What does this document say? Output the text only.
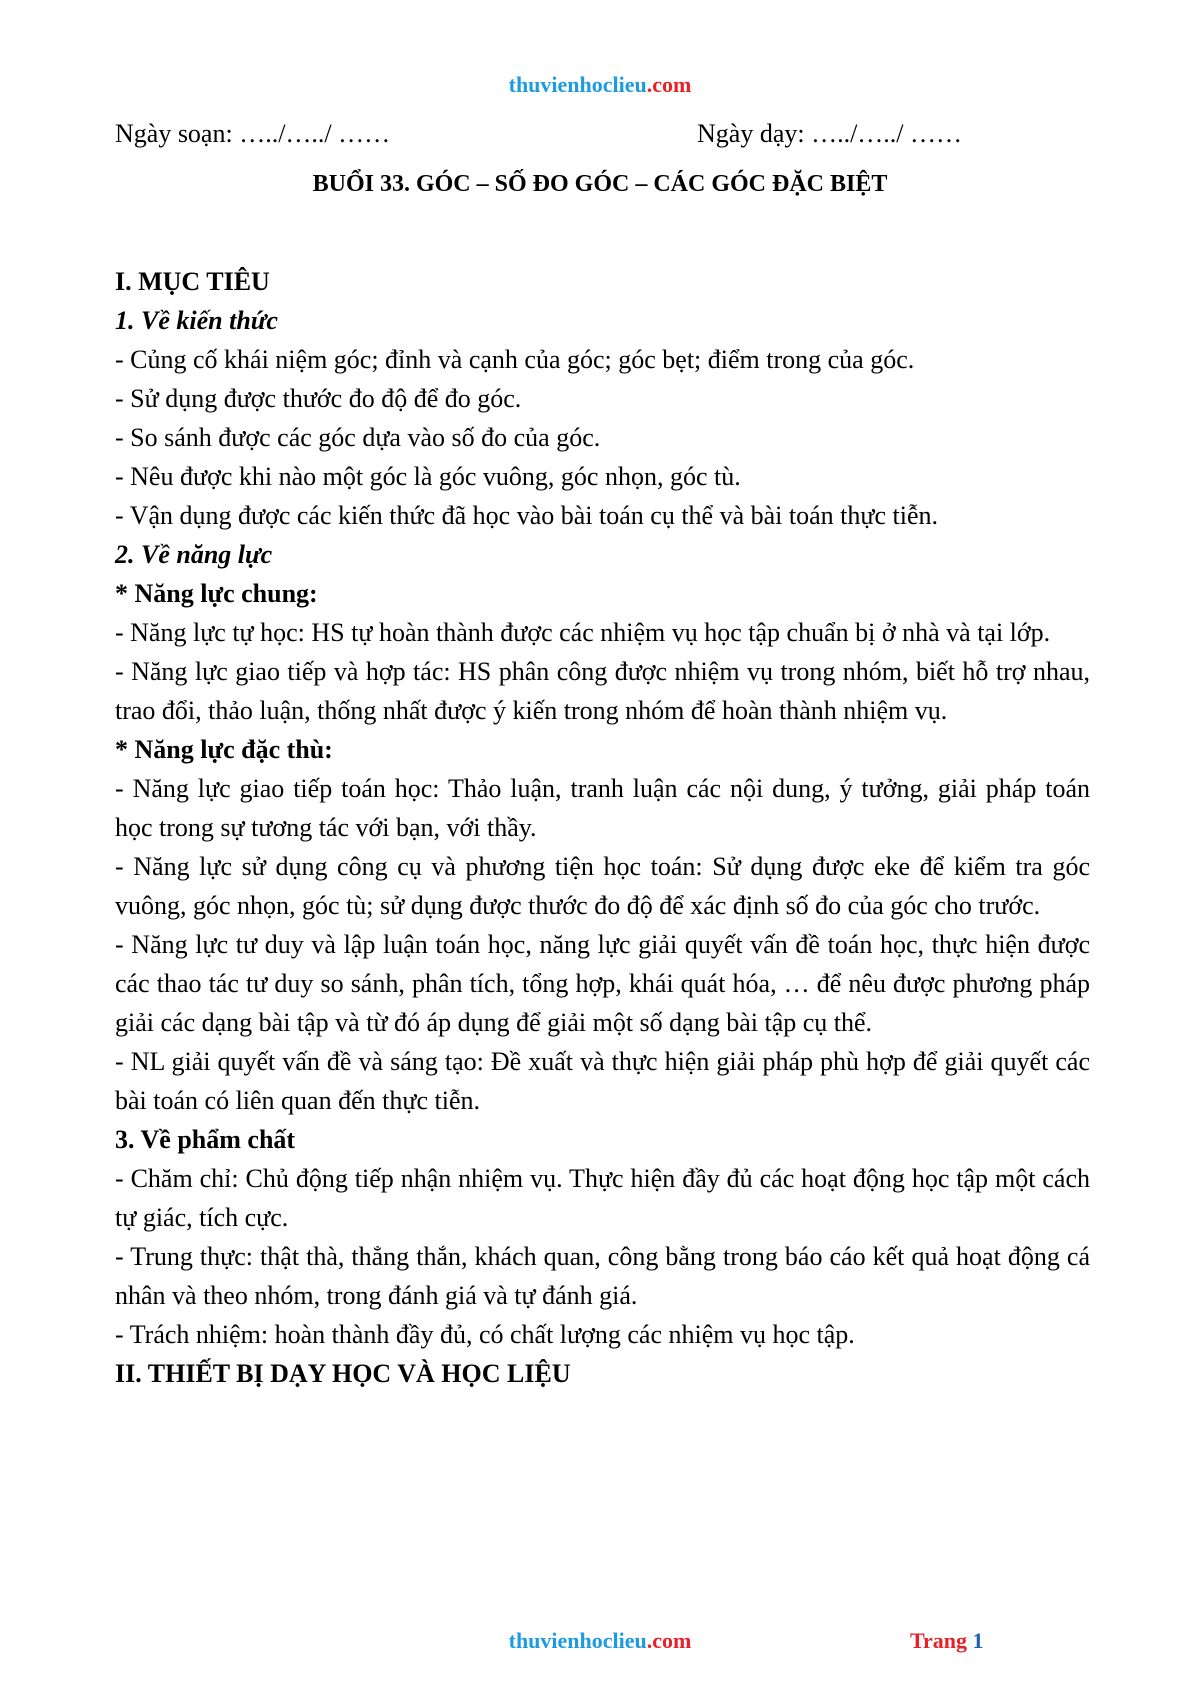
thuvienhoclieu.com
Ngày soạn: …../…../ ……	Ngày dạy: …../…../ ……
BUỔI 33. GÓC – SỐ ĐO GÓC – CÁC GÓC ĐẶC BIỆT

I. MỤC TIÊU

1. Về kiến thức

- Củng cố khái niệm góc; đỉnh và cạnh của góc; góc bẹt; điểm trong của góc.

- Sử dụng được thước đo độ để đo góc.

- So sánh được các góc dựa vào số đo của góc.

- Nêu được khi nào một góc là góc vuông, góc nhọn, góc tù.

- Vận dụng được các kiến thức đã học vào bài toán cụ thể và bài toán thực tiễn.

2. Về năng lực

* Năng lực chung:

- Năng lực tự học: HS tự hoàn thành được các nhiệm vụ học tập chuẩn bị ở nhà và tại lớp.

- Năng lực giao tiếp và hợp tác: HS phân công được nhiệm vụ trong nhóm, biết hỗ trợ nhau, trao đổi, thảo luận, thống nhất được ý kiến trong nhóm để hoàn thành nhiệm vụ.

* Năng lực đặc thù:

- Năng lực giao tiếp toán học: Thảo luận, tranh luận các nội dung, ý tưởng, giải pháp toán học trong sự tương tác với bạn, với thầy.

- Năng lực sử dụng công cụ và phương tiện học toán: Sử dụng được eke để kiểm tra góc vuông, góc nhọn, góc tù; sử dụng được thước đo độ để xác định số đo của góc cho trước.

- Năng lực tư duy và lập luận toán học, năng lực giải quyết vấn đề toán học, thực hiện được các thao tác tư duy so sánh, phân tích, tổng hợp, khái quát hóa, … để nêu được phương pháp giải các dạng bài tập và từ đó áp dụng để giải một số dạng bài tập cụ thể.

- NL giải quyết vấn đề và sáng tạo: Đề xuất và thực hiện giải pháp phù hợp để giải quyết các bài toán có liên quan đến thực tiễn.

3. Về phẩm chất

- Chăm chỉ: Chủ động tiếp nhận nhiệm vụ. Thực hiện đầy đủ các hoạt động học tập một cách tự giác, tích cực.

- Trung thực: thật thà, thẳng thắn, khách quan, công bằng trong báo cáo kết quả hoạt động cá nhân và theo nhóm, trong đánh giá và tự đánh giá.

- Trách nhiệm: hoàn thành đầy đủ, có chất lượng các nhiệm vụ học tập.

II. THIẾT BỊ DẠY HỌC VÀ HỌC LIỆU

thuvienhoclieu.com	Trang 1
